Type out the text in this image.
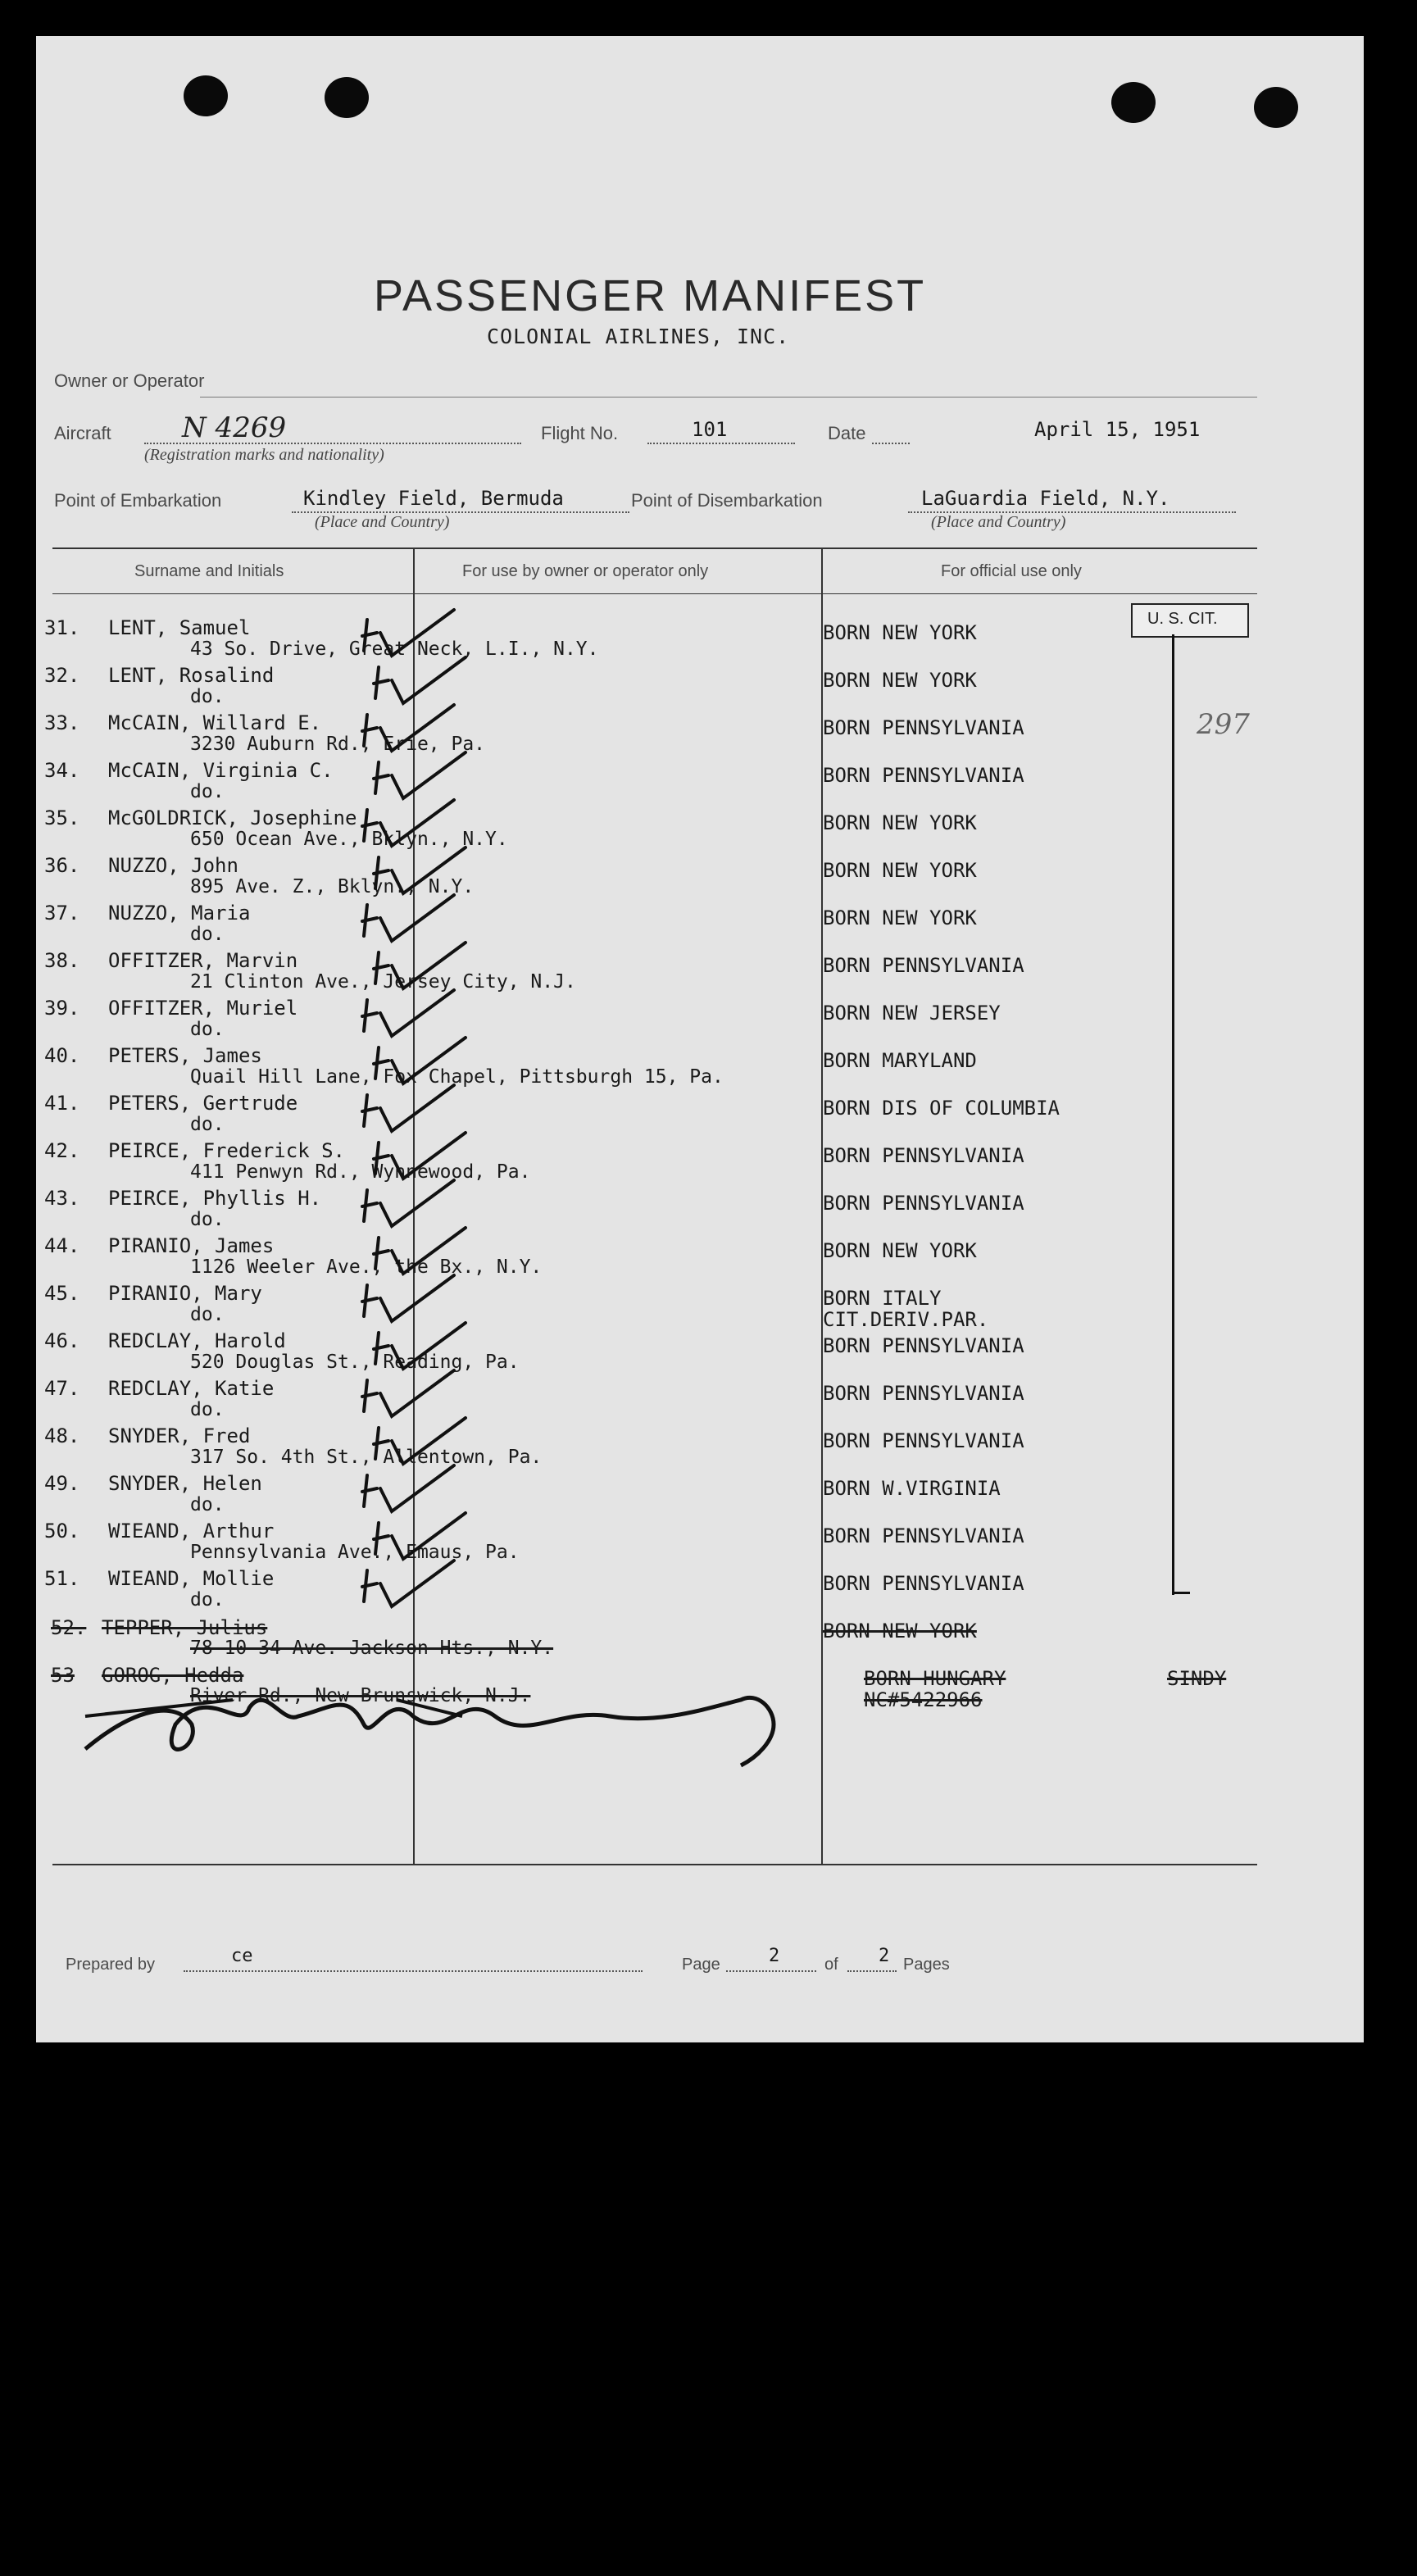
PASSENGER MANIFEST
COLONIAL AIRLINES, INC.
Owner or Operator
Aircraft	N 4269
(Registration marks and nationality)
Flight No.	101	Date	April 15, 1951
Point of Embarkation	Kindley Field, Bermuda
(Place and Country)
Point of Disembarkation	LaGuardia Field, N.Y.
(Place and Country)
Surname and Initials	For use by owner or operator only	For official use only
U. S. CIT.
297
31. LENT, Samuel
43 So. Drive, Great Neck, L.I., N.Y.
BORN NEW YORK
32. LENT, Rosalind
do.
BORN NEW YORK
33. McCAIN, Willard E.
3230 Auburn Rd., Erie, Pa.
BORN PENNSYLVANIA
34. McCAIN, Virginia C.
do.
BORN PENNSYLVANIA
35. McGOLDRICK, Josephine
650 Ocean Ave., Bklyn., N.Y.
BORN NEW YORK
36. NUZZO, John
895 Ave. Z., Bklyn., N.Y.
BORN NEW YORK
37. NUZZO, Maria
do.
BORN NEW YORK
38. OFFITZER, Marvin
21 Clinton Ave., Jersey City, N.J.
BORN PENNSYLVANIA
39. OFFITZER, Muriel
do.
BORN NEW JERSEY
40. PETERS, James
Quail Hill Lane, Fox Chapel, Pittsburgh 15, Pa.
BORN MARYLAND
41. PETERS, Gertrude
do.
BORN DIS OF COLUMBIA
42. PEIRCE, Frederick S.
411 Penwyn Rd., Wynnewood, Pa.
BORN PENNSYLVANIA
43. PEIRCE, Phyllis H.
do.
BORN PENNSYLVANIA
44. PIRANIO, James
1126 Weeler Ave., the Bx., N.Y.
BORN NEW YORK
45. PIRANIO, Mary
do.
BORN ITALY
CIT.DERIV.PAR.
46. REDCLAY, Harold
520 Douglas St., Reading, Pa.
BORN PENNSYLVANIA
47. REDCLAY, Katie
do.
BORN PENNSYLVANIA
48. SNYDER, Fred
317 So. 4th St., Allentown, Pa.
BORN PENNSYLVANIA
49. SNYDER, Helen
do.
BORN W.VIRGINIA
50. WIEAND, Arthur
Pennsylvania Ave., Emaus, Pa.
BORN PENNSYLVANIA
51. WIEAND, Mollie
do.
BORN PENNSYLVANIA
52. TEPPER, Julius
78-10 34 Ave. Jackson Hts., N.Y.
BORN NEW YORK
53 GOROG, Hedda
River Rd., New Brunswick, N.J.
BORN HUNGARY
NC#5422966
SINDY
Prepared by	ce	Page	2	of 2 Pages
